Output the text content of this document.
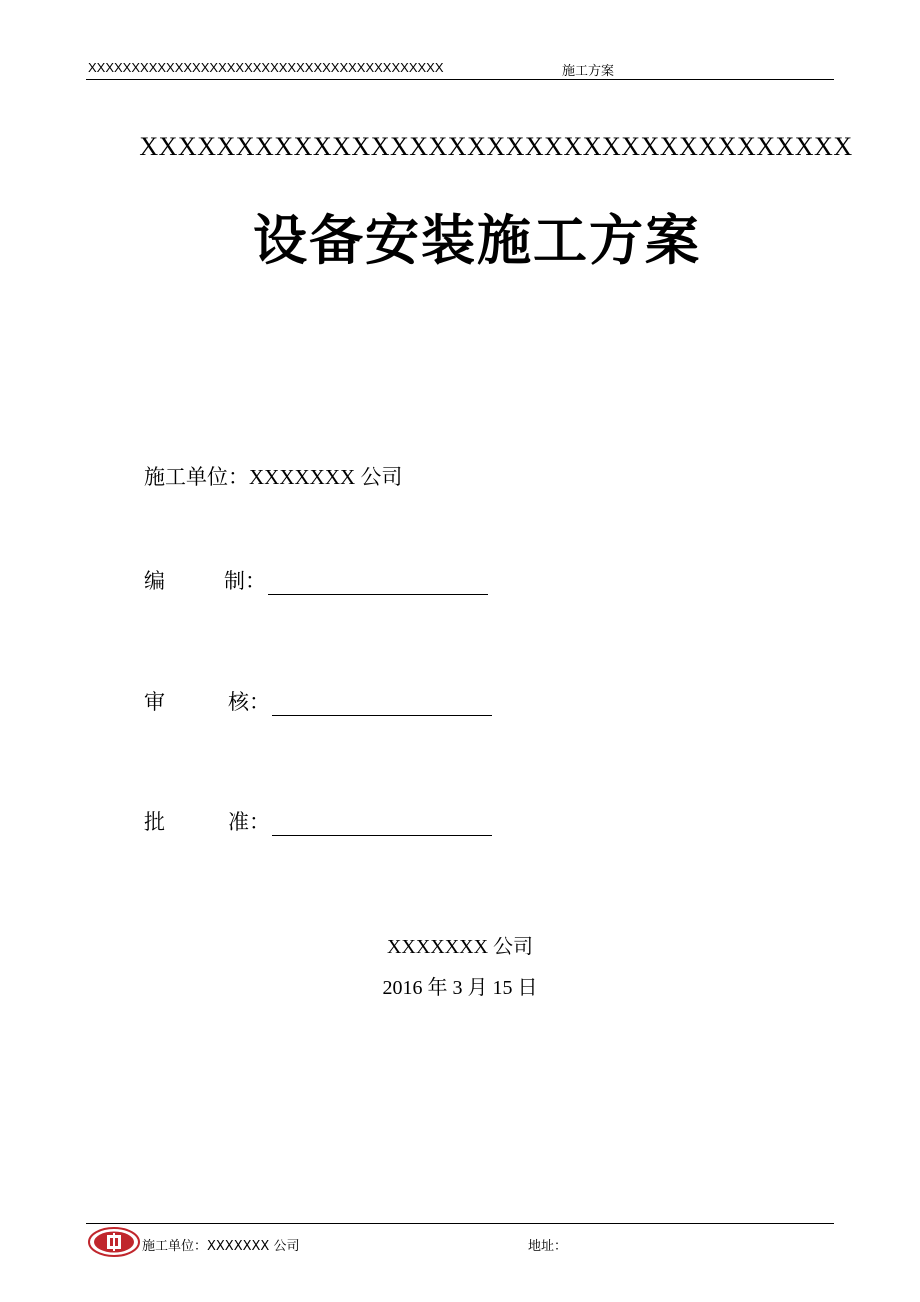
XXXXXXXXXXXXXXXXXXXXXXXXXXXXXXXXXXXXXXXXX	施工方案
XXXXXXXXXXXXXXXXXXXXXXXXXXXXXXXXXXXXX
设备安装施工方案
施工单位：XXXXXXX 公司
编	制：
审	核：
批	准：
XXXXXXX 公司
2016 年 3 月 15 日
施工单位：XXXXXXX 公司	地址：
